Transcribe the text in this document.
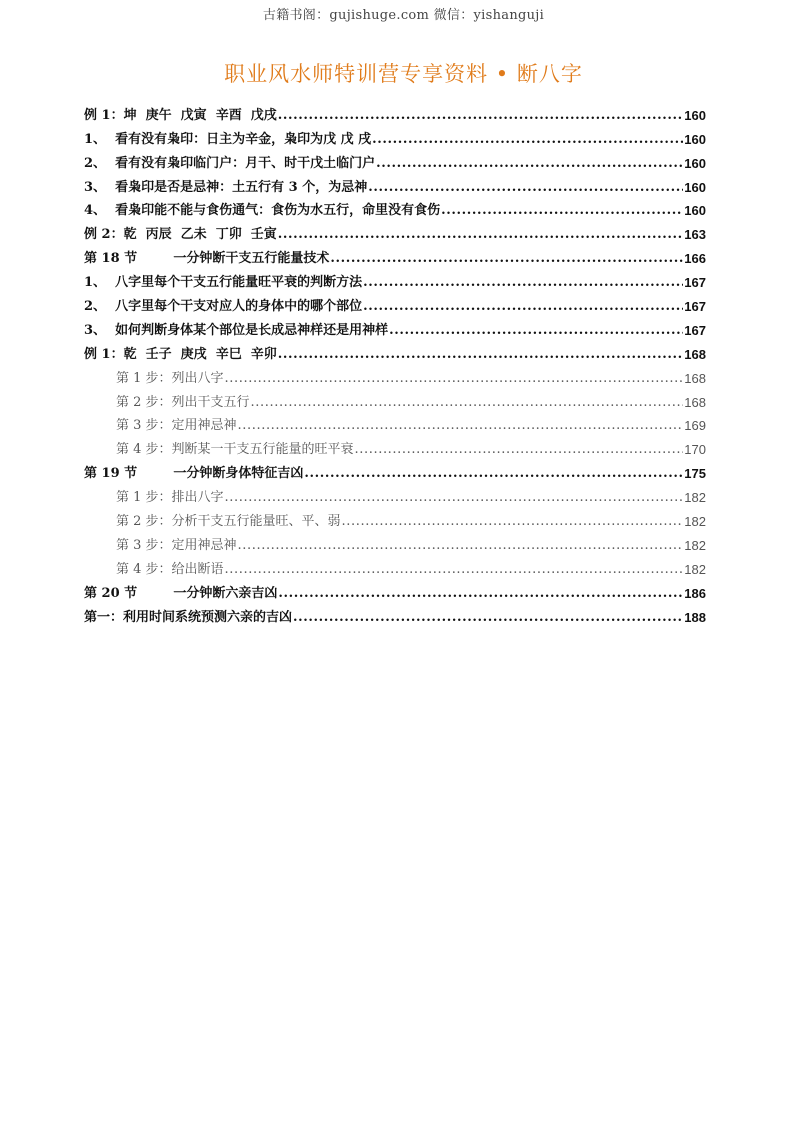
古籍书阁：gujishuge.com 微信：yishanguji
职业风水师特训营专享资料 • 断八字
例 1：坤  庚午  戊寅  辛酉  戊戌 .....	160
1、  看有没有枭印：日主为辛金，枭印为戊 戊 戌 .....	160
2、  看有没有枭印临门户：月干、时干戊土临门户 .....	160
3、  看枭印是否是忌神：土五行有 3 个，为忌神 .....	160
4、  看枭印能不能与食伤通气：食伤为水五行，命里没有食伤 .....	160
例 2：乾  丙辰  乙未  丁卯  壬寅 .....	163
第 18 节        一分钟断干支五行能量技术 .....	166
1、  八字里每个干支五行能量旺平衰的判断方法 .....	167
2、  八字里每个干支对应人的身体中的哪个部位 .....	167
3、  如何判断身体某个部位是长成忌神样还是用神样 .....	167
例 1：乾  壬子  庚戌  辛巳  辛卯 .....	168
第 1 步：列出八字 .....	168
第 2 步：列出干支五行 .....	168
第 3 步：定用神忌神 .....	169
第 4 步：判断某一干支五行能量的旺平衰 .....	170
第 19 节        一分钟断身体特征吉凶 .....	175
第 1 步：排出八字 .....	182
第 2 步：分析干支五行能量旺、平、弱 .....	182
第 3 步：定用神忌神 .....	182
第 4 步：给出断语 .....	182
第 20 节        一分钟断六亲吉凶 .....	186
第一：利用时间系统预测六亲的吉凶 .....	188
